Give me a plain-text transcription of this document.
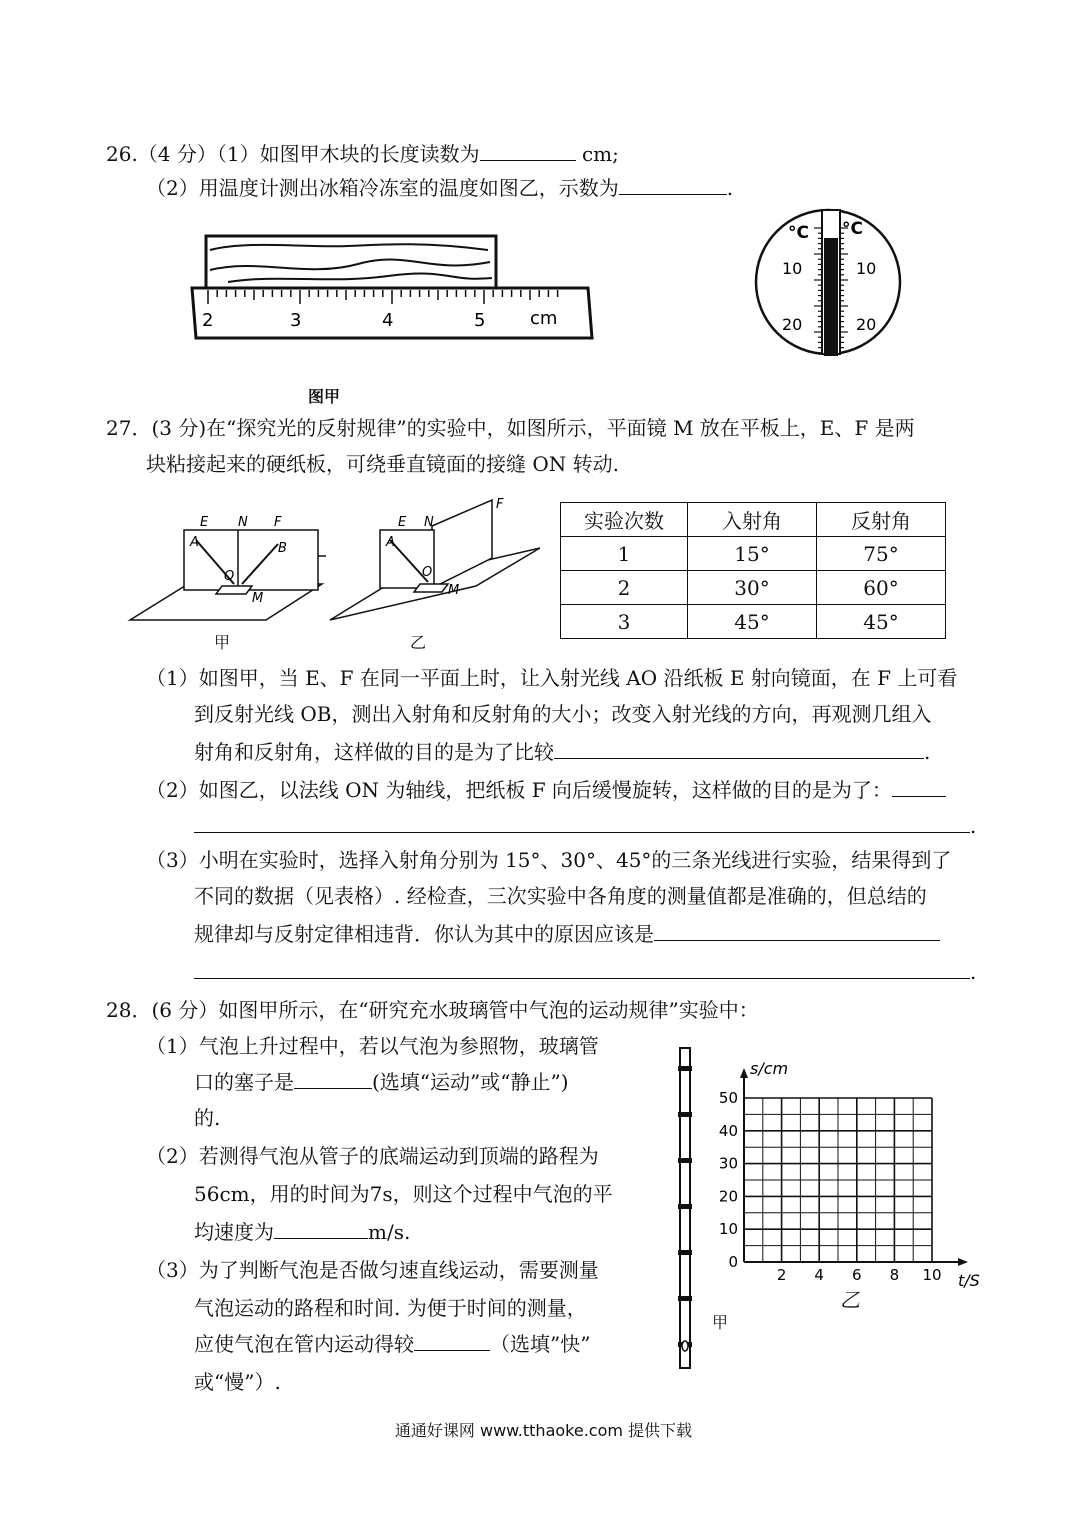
26.（4 分）（1）如图甲木块的长度读数为	cm;
（2）用温度计测出冰箱冷冻室的温度如图乙，示数为	.
2	3	4	5 cm
图甲
°C °C
10	10
20	20
27．(3 分)在“探究光的反射规律”的实验中，如图所示，平面镜 M 放在平板上，E、F 是两
块粘接起来的硬纸板，可绕垂直镜面的接缝 ON 转动.
E N F
A	B
O
M
甲
E N
F
A
O
M
乙
实验次数	入射角	反射角
1	15°	75°
2	30°	60°
3	45°	45°
（1）如图甲，当 E、F 在同一平面上时，让入射光线 AO 沿纸板 E 射向镜面，在 F 上可看
到反射光线 OB，测出入射角和反射角的大小；改变入射光线的方向，再观测几组入
射角和反射角，这样做的目的是为了比较	.
（2）如图乙，以法线 ON 为轴线，把纸板 F 向后缓慢旋转，这样做的目的是为了：
.
（3）小明在实验时，选择入射角分别为 15°、30°、45°的三条光线进行实验，结果得到了
不同的数据（见表格）. 经检查，三次实验中各角度的测量值都是准确的，但总结的
规律却与反射定律相违背．你认为其中的原因应该是
.
28．(6 分）如图甲所示，在“研究充水玻璃管中气泡的运动规律”实验中：
（1）气泡上升过程中，若以气泡为参照物，玻璃管
口的塞子是	(选填“运动”或“静止”)
的.
（2）若测得气泡从管子的底端运动到顶端的路程为
56cm，用的时间为7s，则这个过程中气泡的平
均速度为	m/s.
（3）为了判断气泡是否做匀速直线运动，需要测量
气泡运动的路程和时间. 为便于时间的测量，
应使气泡在管内运动得较	（选填”快”
或“慢”）.
甲
2 4 6 8 10
0
10
20
30
40
50
s/cm
t/S
乙
通通好课网 www.tthaoke.com 提供下载
